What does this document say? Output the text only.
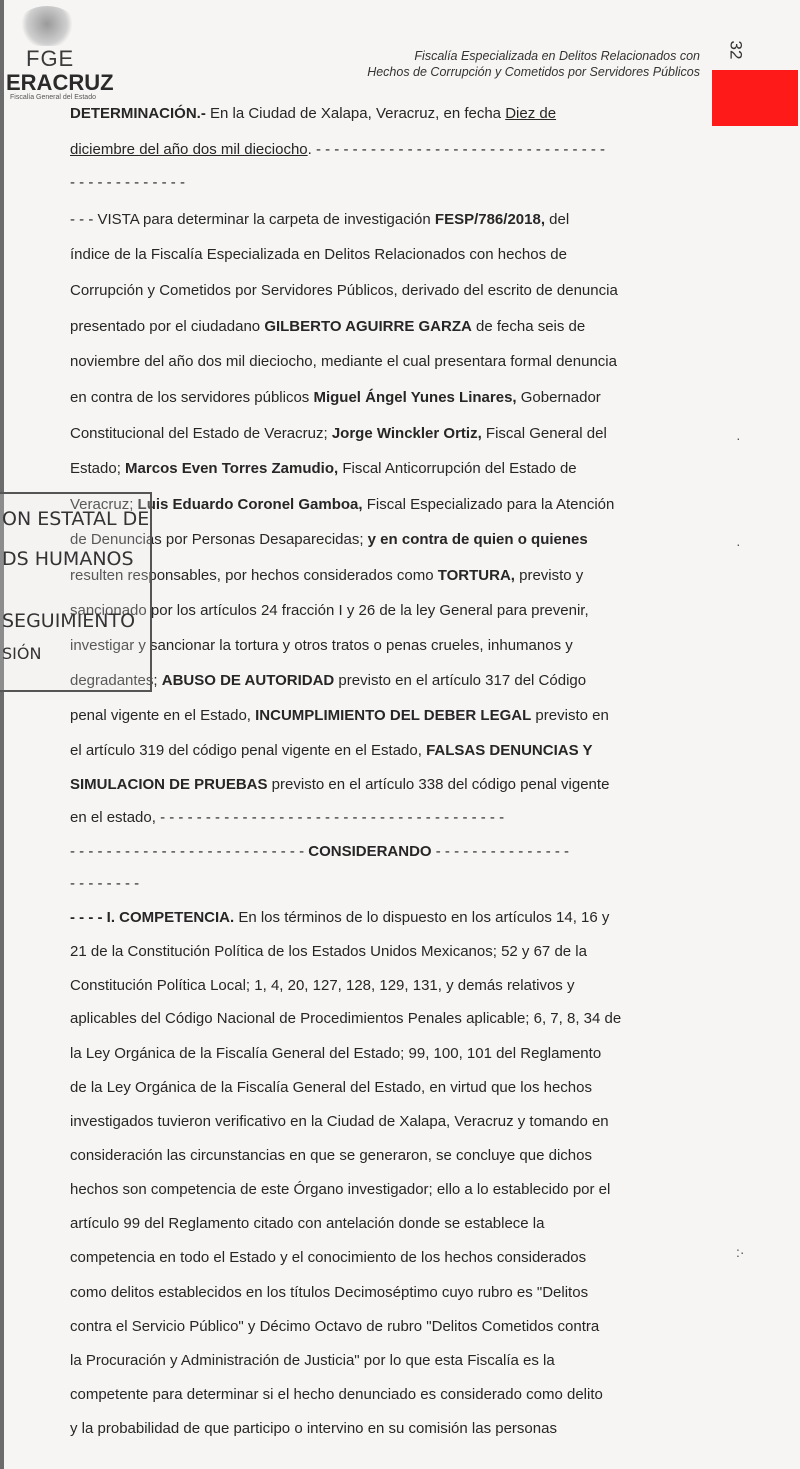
FGE
ERACRUZ
Fiscalía General del Estado
Fiscalía Especializada en Delitos Relacionados con
Hechos de Corrupción y Cometidos por Servidores Públicos
32
DETERMINACIÓN.- En la Ciudad de Xalapa, Veracruz, en fecha Diez de
diciembre del año dos mil dieciocho. - - - - - - - - - - - - - - - - - - - - - - - - - - - - - - - -
- - - - - - - - - - - - -
- - - VISTA para determinar la carpeta de investigación FESP/786/2018, del
índice de la Fiscalía Especializada en Delitos Relacionados con hechos de
Corrupción y Cometidos por Servidores Públicos, derivado del escrito de denuncia
presentado por el ciudadano GILBERTO AGUIRRE GARZA de fecha seis de
noviembre del año dos mil dieciocho, mediante el cual presentara formal denuncia
en contra de los servidores públicos Miguel Ángel Yunes Linares, Gobernador
Constitucional del Estado de Veracruz; Jorge Winckler Ortiz, Fiscal General del
Estado; Marcos Even Torres Zamudio, Fiscal Anticorrupción del Estado de
Veracruz; Luis Eduardo Coronel Gamboa, Fiscal Especializado para la Atención
de Denuncias por Personas Desaparecidas; y en contra de quien o quienes
resulten responsables, por hechos considerados como TORTURA, previsto y
sancionado por los artículos 24 fracción I y 26 de la ley General para prevenir,
investigar y sancionar la tortura y otros tratos o penas crueles, inhumanos y
degradantes; ABUSO DE AUTORIDAD previsto en el artículo 317 del Código
penal vigente en el Estado, INCUMPLIMIENTO DEL DEBER LEGAL previsto en
el artículo 319 del código penal vigente en el Estado, FALSAS DENUNCIAS Y
SIMULACION DE PRUEBAS previsto en el artículo 338 del código penal vigente
en el estado, - - - - - - - - - - - - - - - - - - - - - - - - - - - - - - - - - - - - - -
- - - - - - - - - - - - - - - - - - - - - - - - - - CONSIDERANDO - - - - - - - - - - - - - - -
- - - - - - - -
- - - - I. COMPETENCIA. En los términos de lo dispuesto en los artículos 14, 16 y
21 de la Constitución Política de los Estados Unidos Mexicanos; 52 y 67 de la
Constitución Política Local; 1, 4, 20, 127, 128, 129, 131, y demás relativos y
aplicables del Código Nacional de Procedimientos Penales aplicable; 6, 7, 8, 34 de
la Ley Orgánica de la Fiscalía General del Estado; 99, 100, 101 del Reglamento
de la Ley Orgánica de la Fiscalía General del Estado, en virtud que los hechos
investigados tuvieron verificativo en la Ciudad de Xalapa, Veracruz y tomando en
consideración las circunstancias en que se generaron, se concluye que dichos
hechos son competencia de este Órgano investigador; ello a lo establecido por el
artículo 99 del Reglamento citado con antelación donde se establece la
competencia en todo el Estado y el conocimiento de los hechos considerados
como delitos establecidos en los títulos Decimoséptimo cuyo rubro es "Delitos
contra el Servicio Público" y Décimo Octavo de rubro "Delitos Cometidos contra
la Procuración y Administración de Justicia" por lo que esta Fiscalía es la
competente para determinar si el hecho denunciado es considerado como delito
y la probabilidad de que participo o intervino en su comisión las personas
ON ESTATAL DE
DS HUMANOS
SEGUIMIENTO
SIÓN
·
:·
·
